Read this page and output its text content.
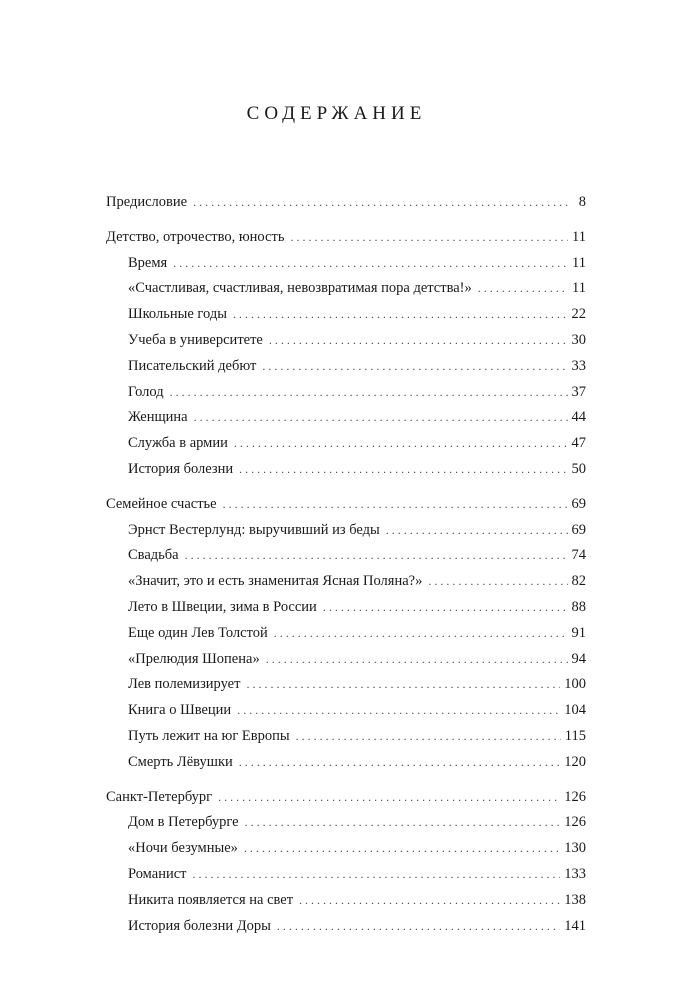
СОДЕРЖАНИЕ
Предисловие . . .	8
Детство, отрочество, юность . . .	11
Время . . .	11
«Счастливая, счастливая, невозвратимая пора детства!» . . .	11
Школьные годы . . .	22
Учеба в университете . . .	30
Писательский дебют . . .	33
Голод . . .	37
Женщина . . .	44
Служба в армии . . .	47
История болезни . . .	50
Семейное счастье . . .	69
Эрнст Вестерлунд: выручивший из беды . . .	69
Свадьба . . .	74
«Значит, это и есть знаменитая Ясная Поляна?» . . .	82
Лето в Швеции, зима в России . . .	88
Еще один Лев Толстой . . .	91
«Прелюдия Шопена» . . .	94
Лев полемизирует . . .	100
Книга о Швеции . . .	104
Путь лежит на юг Европы . . .	115
Смерть Лёвушки . . .	120
Санкт-Петербург . . .	126
Дом в Петербурге . . .	126
«Ночи безумные» . . .	130
Романист . . .	133
Никита появляется на свет . . .	138
История болезни Доры . . .	141
